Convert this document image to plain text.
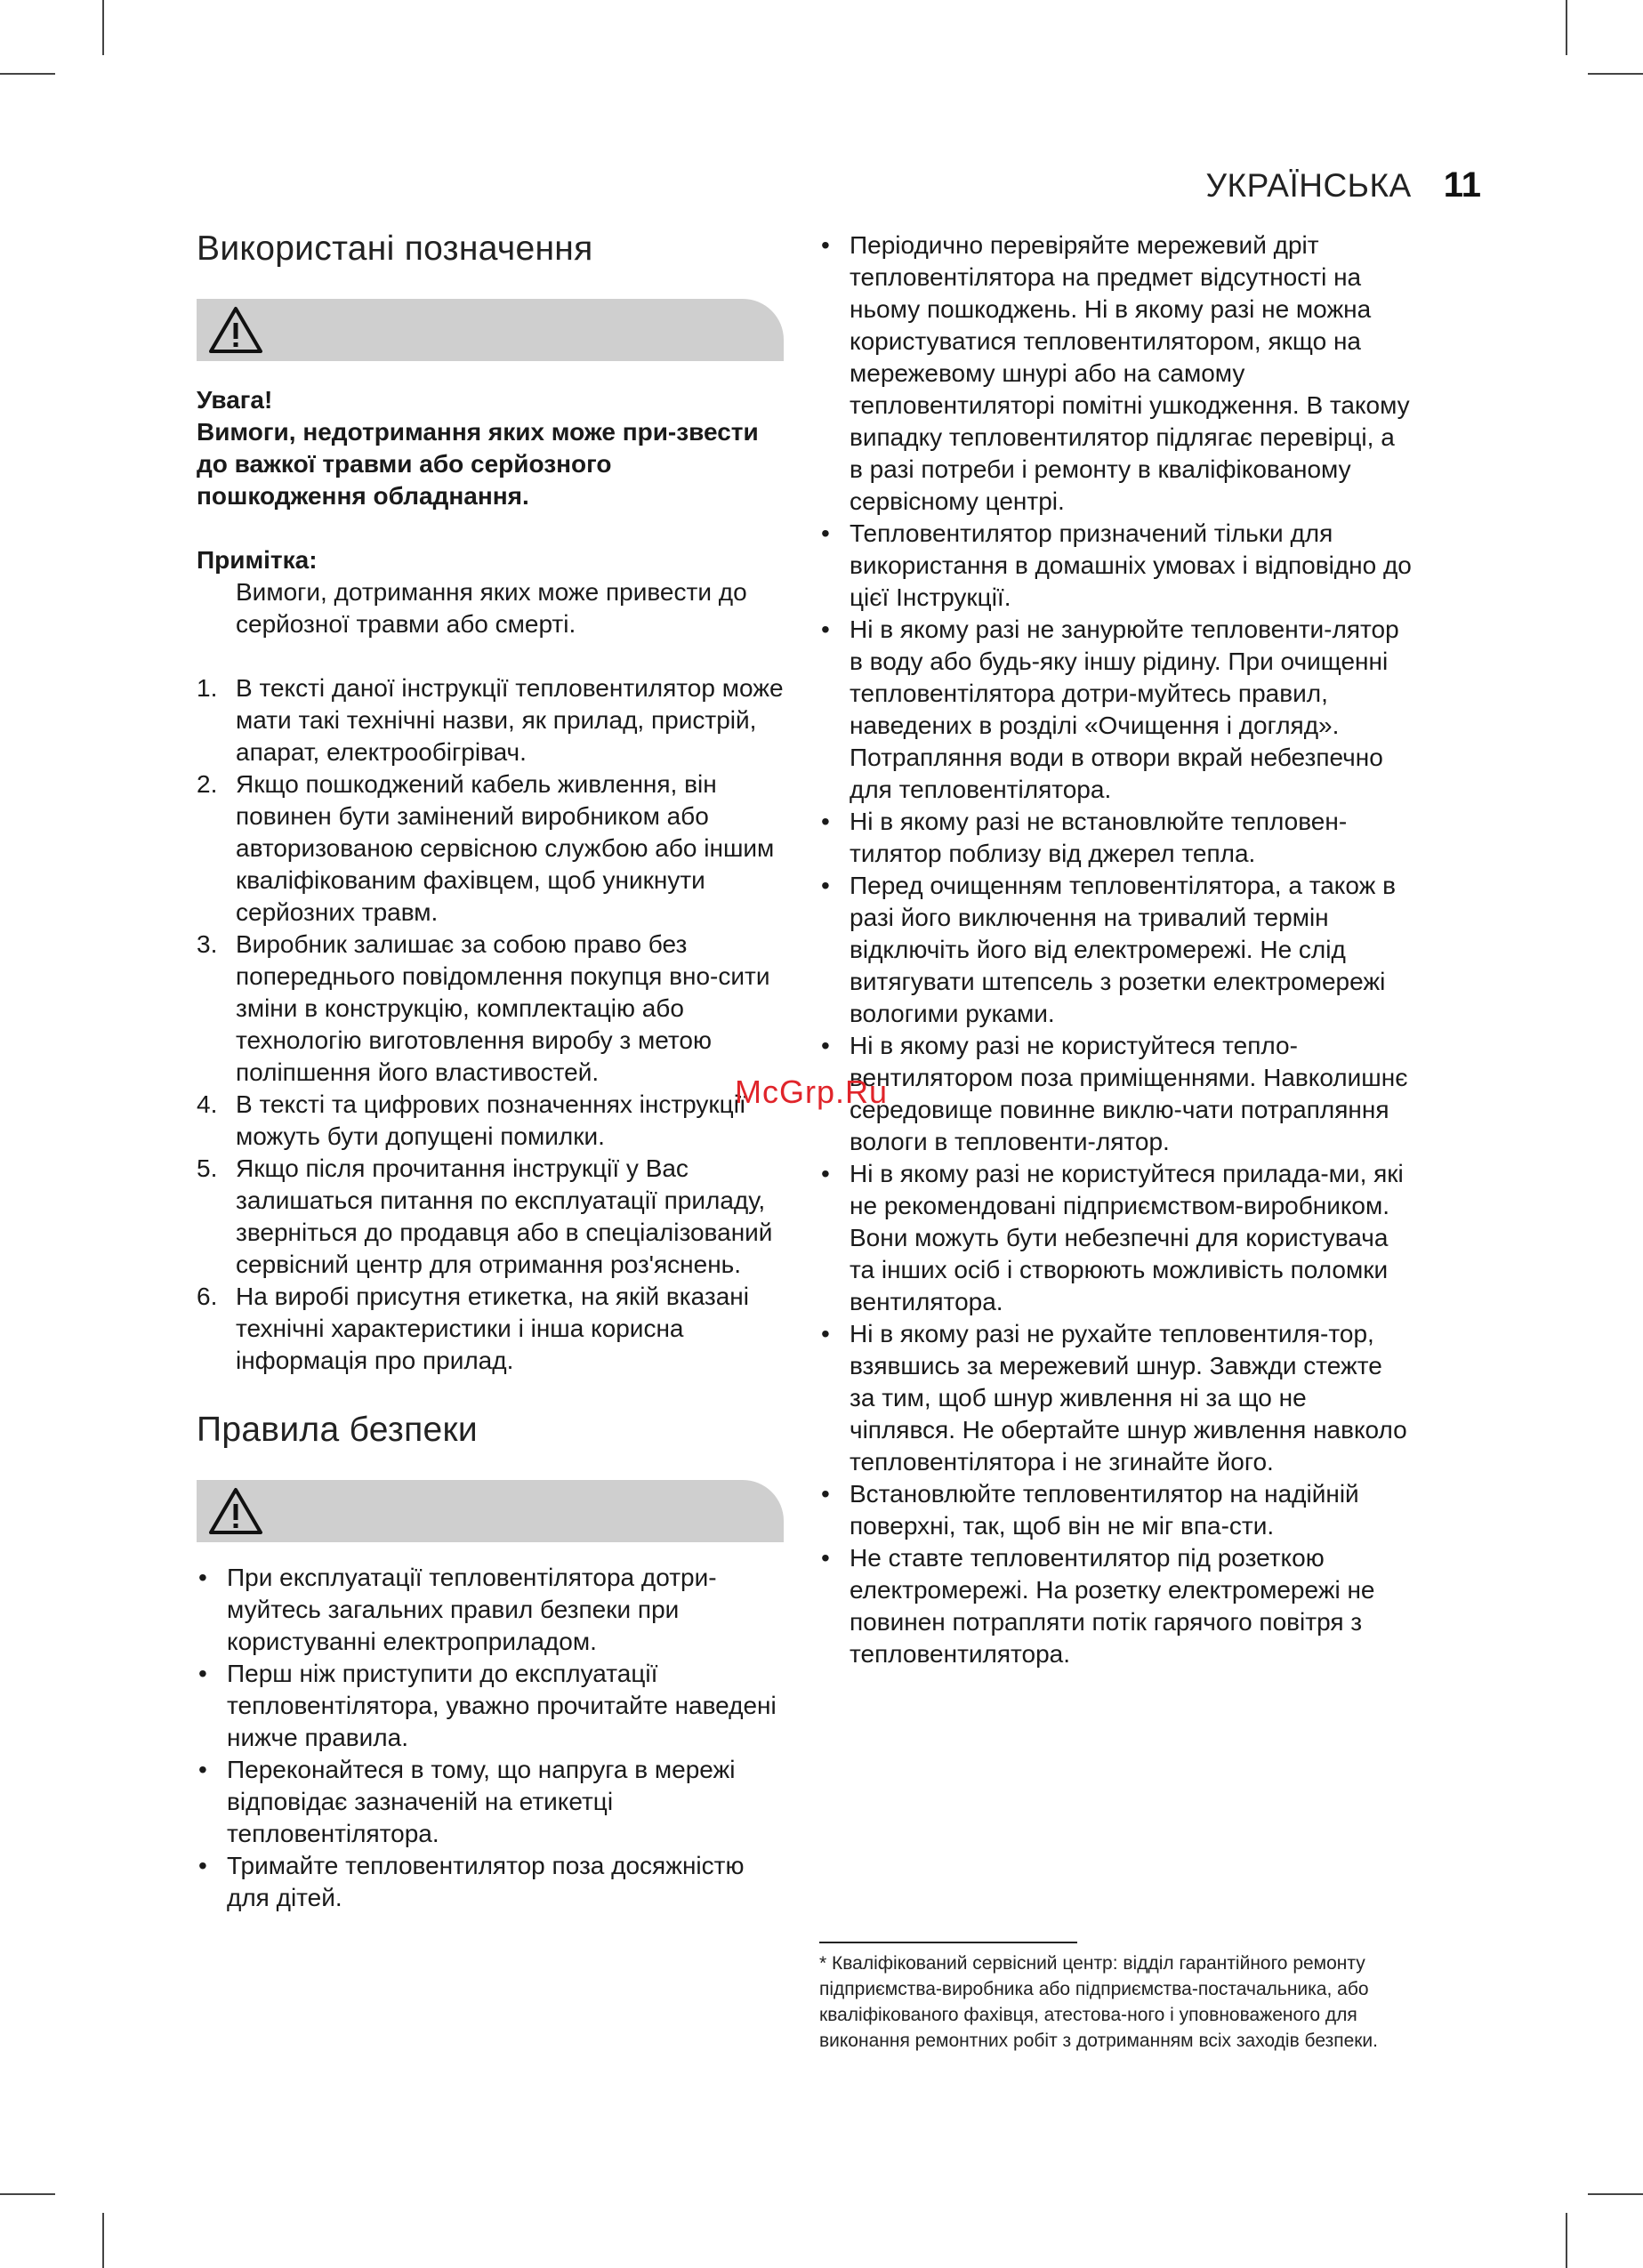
УКРАЇНСЬКА 11
Використані позначення
Увага!
Вимоги, недотримання яких може при-звести до важкої травми або серйозного пошкодження обладнання.
Примітка:
Вимоги, дотримання яких може привести до серйозної травми або смерті.
1. В тексті даної інструкції тепловентилятор може мати такі технічні назви, як прилад, пристрій, апарат, електрообігрівач.
2. Якщо пошкоджений кабель живлення, він повинен бути замінений виробником або авторизованою сервісною службою або іншим кваліфікованим фахівцем, щоб уникнути серйозних травм.
3. Виробник залишає за собою право без попереднього повідомлення покупця вно-сити зміни в конструкцію, комплектацію або технологію виготовлення виробу з метою поліпшення його властивостей.
4. В тексті та цифрових позначеннях інструкції можуть бути допущені помилки.
5. Якщо після прочитання інструкції у Вас залишаться питання по експлуатації приладу, зверніться до продавця або в спеціалізований сервісний центр для отримання роз'яснень.
6. На виробі присутня етикетка, на якій вказані технічні характеристики і інша корисна інформація про прилад.
Правила безпеки
• При експлуатації тепловентілятора дотри-муйтесь загальних правил безпеки при користуванні електроприладом.
• Перш ніж приступити до експлуатації тепловентілятора, уважно прочитайте наведені нижче правила.
• Переконайтеся в тому, що напруга в мережі відповідає зазначеній на етикетці тепловентілятора.
• Тримайте тепловентилятор поза досяжністю для дітей.
• Періодично перевіряйте мережевий дріт тепловентілятора на предмет відсутності на ньому пошкоджень. Ні в якому разі не можна користуватися тепловентилятором, якщо на мережевому шнурі або на самому тепловентиляторі помітні ушкодження. В такому випадку тепловентилятор підлягає перевірці, а в разі потреби і ремонту в кваліфікованому сервісному центрі.
• Тепловентилятор призначений тільки для використання в домашніх умовах і відповідно до цієї Інструкції.
• Ні в якому разі не занурюйте тепловенти-лятор в воду або будь-яку іншу рідину. При очищенні тепловентілятора дотри-муйтесь правил, наведених в розділі «Очищення і догляд». Потрапляння води в отвори вкрай небезпечно для тепловентілятора.
• Ні в якому разі не встановлюйте тепловен-тилятор поблизу від джерел тепла.
• Перед очищенням тепловентілятора, а також в разі його виключення на тривалий термін відключіть його від електромережі. Не слід витягувати штепсель з розетки електромережі вологими руками.
• Ні в якому разі не користуйтеся тепло-вентилятором поза приміщеннями. Навколишнє середовище повинне виклю-чати потрапляння вологи в тепловенти-лятор.
• Ні в якому разі не користуйтеся прилада-ми, які не рекомендовані підприємством-виробником. Вони можуть бути небезпечні для користувача та інших осіб і створюють можливість поломки вентилятора.
• Ні в якому разі не рухайте тепловентиля-тор, взявшись за мережевий шнур. Завжди стежте за тим, щоб шнур живлення ні за що не чіплявся. Не обертайте шнур живлення навколо тепловентілятора і не згинайте його.
• Встановлюйте тепловентилятор на надійній поверхні, так, щоб він не міг впа-сти.
• Не ставте тепловентилятор під розеткою електромережі. На розетку електромережі не повинен потрапляти потік гарячого повітря з тепловентилятора.
* Кваліфікований сервісний центр: відділ гарантійного ремонту підприємства-виробника або підприємства-постачальника, або кваліфікованого фахівця, атестова-ного і уповноваженого для виконання ремонтних робіт з дотриманням всіх заходів безпеки.
McGrp.Ru
